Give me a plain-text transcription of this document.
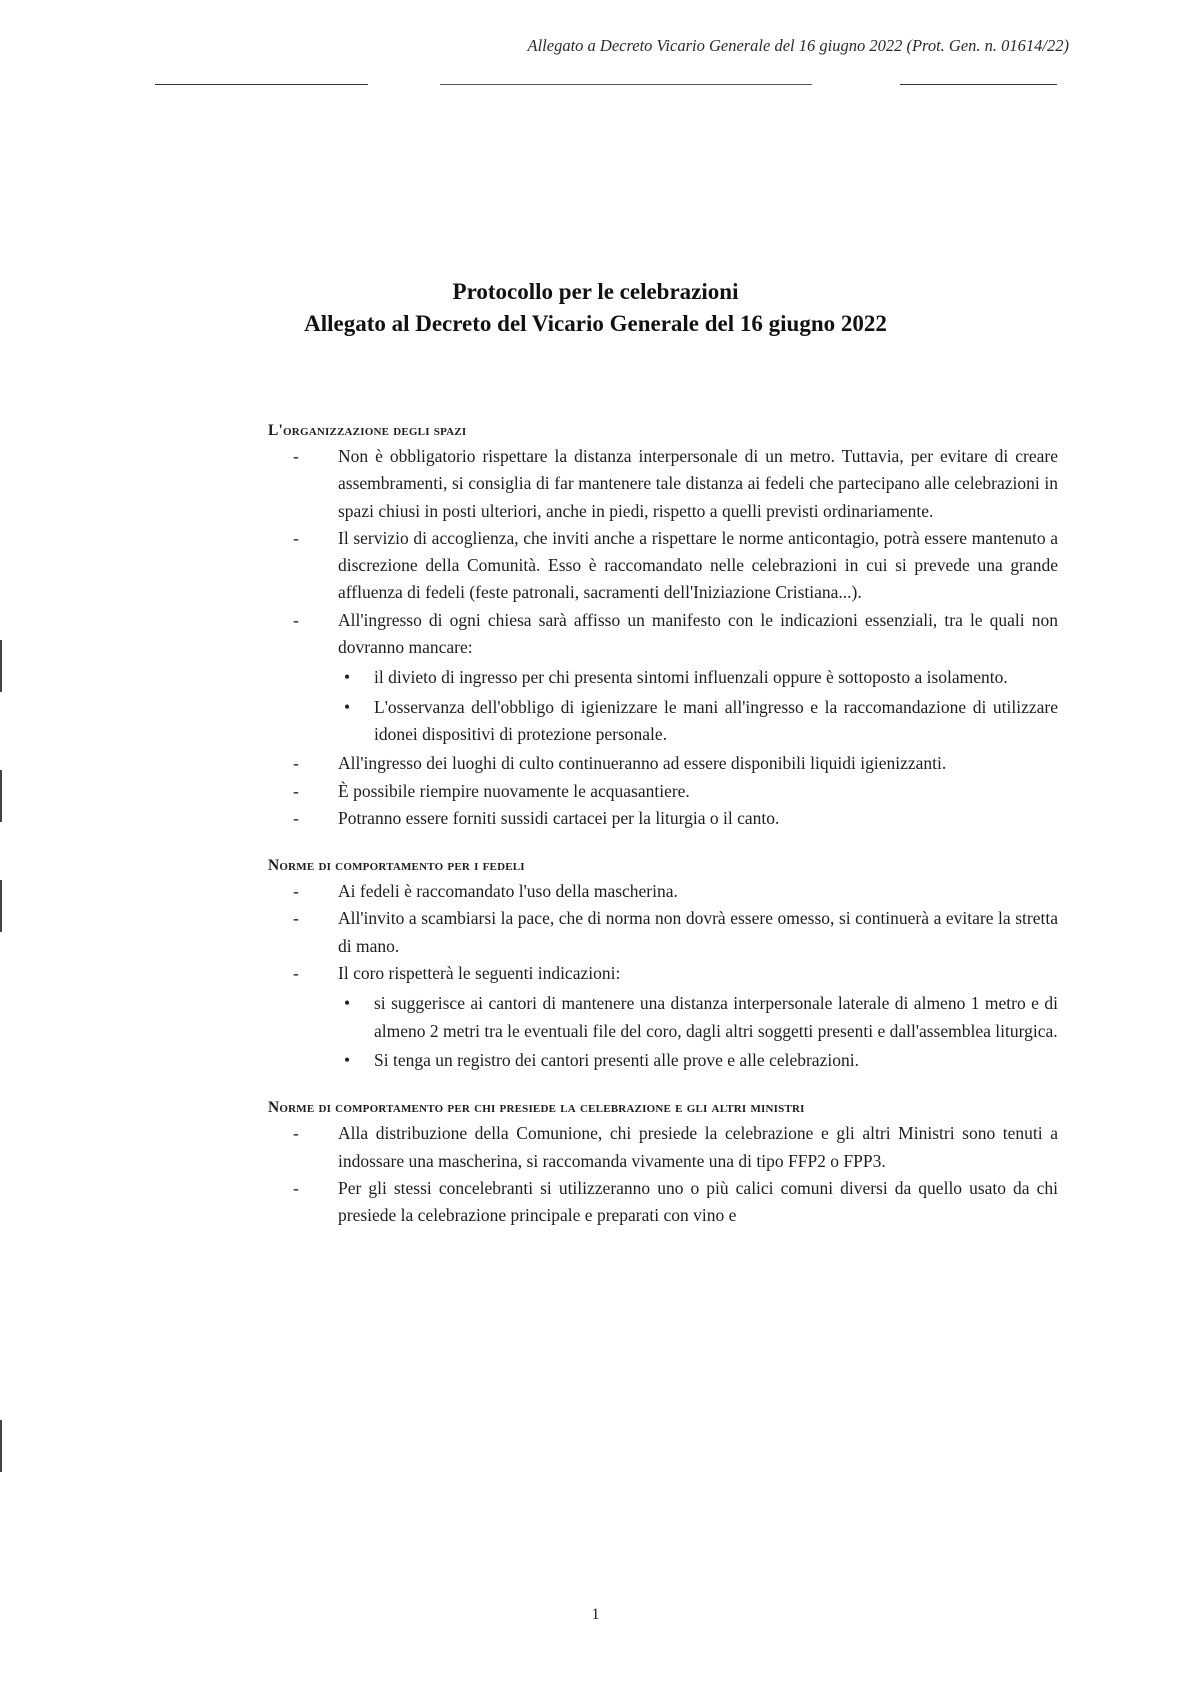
Allegato a Decreto Vicario Generale del 16 giugno 2022 (Prot. Gen. n. 01614/22)
Protocollo per le celebrazioni
Allegato al Decreto del Vicario Generale del 16 giugno 2022

L'organizzazione degli spazi

- Non è obbligatorio rispettare la distanza interpersonale di un metro. Tuttavia, per evitare di creare assembramenti, si consiglia di far mantenere tale distanza ai fedeli che partecipano alle celebrazioni in spazi chiusi in posti ulteriori, anche in piedi, rispetto a quelli previsti ordinariamente.
- Il servizio di accoglienza, che inviti anche a rispettare le norme anticontagio, potrà essere mantenuto a discrezione della Comunità. Esso è raccomandato nelle celebrazioni in cui si prevede una grande affluenza di fedeli (feste patronali, sacramenti dell'Iniziazione Cristiana...).
- All'ingresso di ogni chiesa sarà affisso un manifesto con le indicazioni essenziali, tra le quali non dovranno mancare:
• il divieto di ingresso per chi presenta sintomi influenzali oppure è sottoposto a isolamento.
• L'osservanza dell'obbligo di igienizzare le mani all'ingresso e la raccomandazione di utilizzare idonei dispositivi di protezione personale.
- All'ingresso dei luoghi di culto continueranno ad essere disponibili liquidi igienizzanti.
- È possibile riempire nuovamente le acquasantiere.
- Potranno essere forniti sussidi cartacei per la liturgia o il canto.

Norme di comportamento per i fedeli

- Ai fedeli è raccomandato l'uso della mascherina.
- All'invito a scambiarsi la pace, che di norma non dovrà essere omesso, si continuerà a evitare la stretta di mano.
- Il coro rispetterà le seguenti indicazioni:
• si suggerisce ai cantori di mantenere una distanza interpersonale laterale di almeno 1 metro e di almeno 2 metri tra le eventuali file del coro, dagli altri soggetti presenti e dall'assemblea liturgica.
• Si tenga un registro dei cantori presenti alle prove e alle celebrazioni.

Norme di comportamento per chi presiede la celebrazione e gli altri ministri

- Alla distribuzione della Comunione, chi presiede la celebrazione e gli altri Ministri sono tenuti a indossare una mascherina, si raccomanda vivamente una di tipo FFP2 o FPP3.
- Per gli stessi concelebranti si utilizzeranno uno o più calici comuni diversi da quello usato da chi presiede la celebrazione principale e preparati con vino e
1
